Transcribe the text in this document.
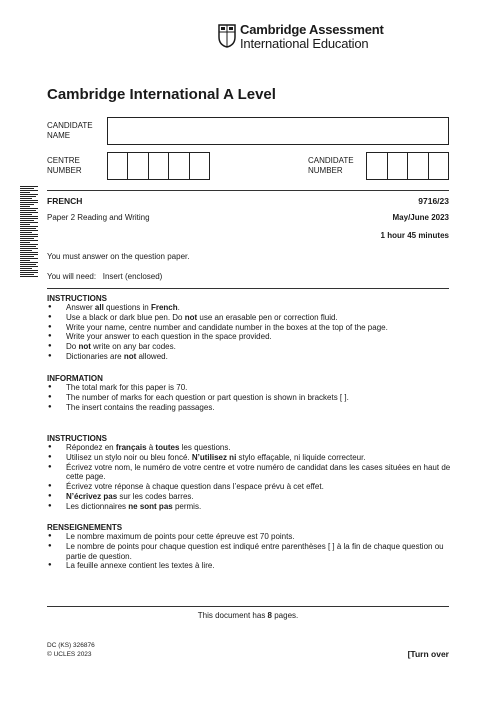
Cambridge Assessment
International Education
Cambridge International A Level
CANDIDATE NAME
CENTRE NUMBER
CANDIDATE NUMBER
FRENCH	9716/23
Paper 2 Reading and Writing	May/June 2023
1 hour 45 minutes
You must answer on the question paper.
You will need: Insert (enclosed)
INSTRUCTIONS
● Answer all questions in French.
● Use a black or dark blue pen. Do not use an erasable pen or correction fluid.
● Write your name, centre number and candidate number in the boxes at the top of the page.
● Write your answer to each question in the space provided.
● Do not write on any bar codes.
● Dictionaries are not allowed.
INFORMATION
● The total mark for this paper is 70.
● The number of marks for each question or part question is shown in brackets [ ].
● The insert contains the reading passages.
INSTRUCTIONS
● Répondez en français à toutes les questions.
● Utilisez un stylo noir ou bleu foncé. N’utilisez ni stylo effaçable, ni liquide correcteur.
● Écrivez votre nom, le numéro de votre centre et votre numéro de candidat dans les cases situées en haut de cette page.
● Écrivez votre réponse à chaque question dans l’espace prévu à cet effet.
● N’écrivez pas sur les codes barres.
● Les dictionnaires ne sont pas permis.
RENSEIGNEMENTS
● Le nombre maximum de points pour cette épreuve est 70 points.
● Le nombre de points pour chaque question est indiqué entre parenthèses [ ] à la fin de chaque question ou partie de question.
● La feuille annexe contient les textes à lire.
This document has 8 pages.
DC (KS) 326876
© UCLES 2023	[Turn over
